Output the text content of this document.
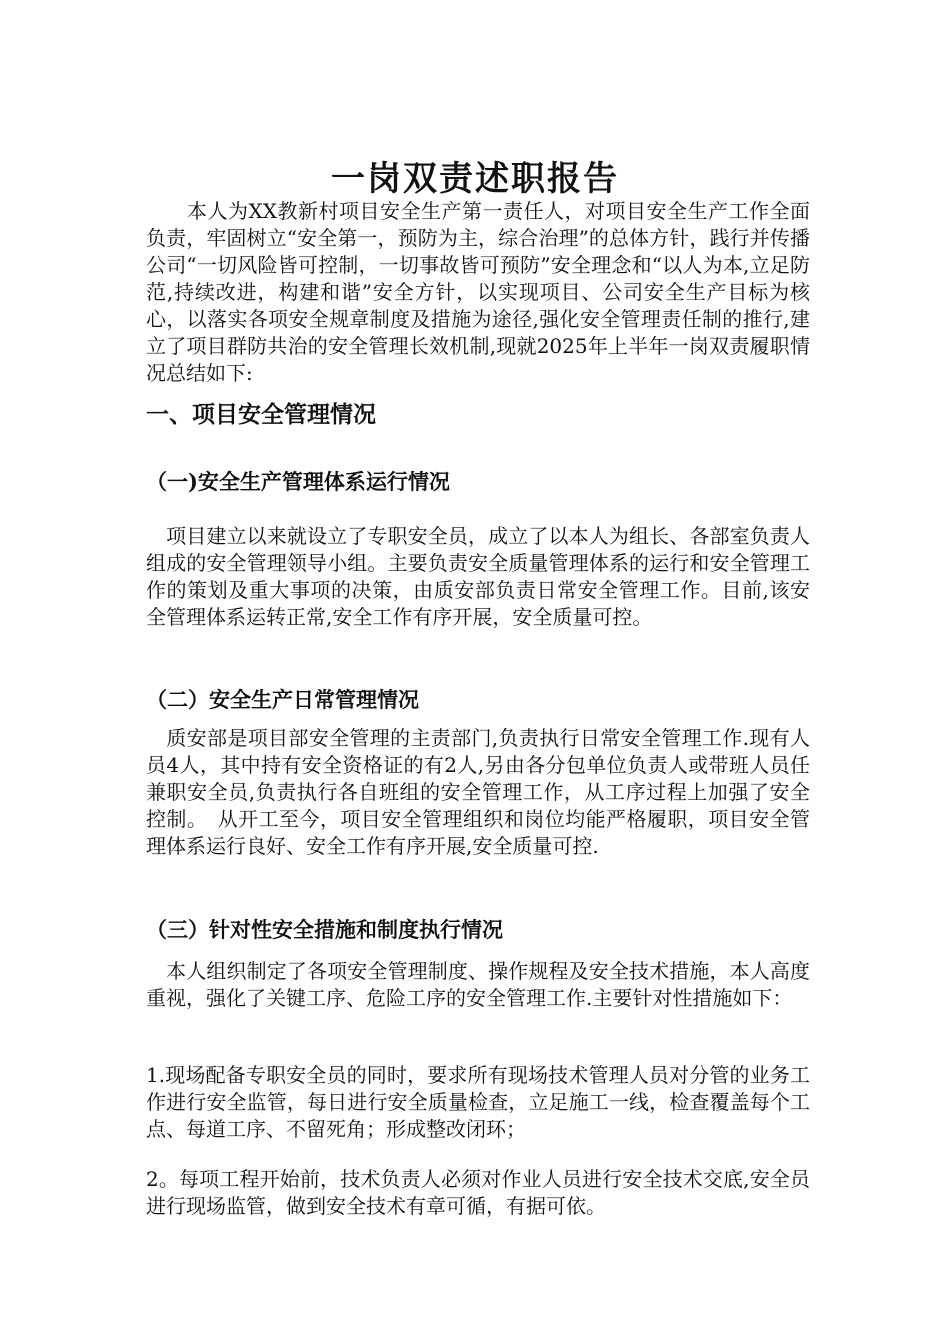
一岗双责述职报告

　　本人为XX教新村项目安全生产第一责任人，对项目安全生产工作全面负责，牢固树立“安全第一，预防为主，综合治理”的总体方针，践行并传播公司“一切风险皆可控制，一切事故皆可预防”安全理念和“以人为本,立足防范,持续改进，构建和谐”安全方针，以实现项目、公司安全生产目标为核心，以落实各项安全规章制度及措施为途径,强化安全管理责任制的推行,建立了项目群防共治的安全管理长效机制,现就2025年上半年一岗双责履职情况总结如下:

一、项目安全管理情况
（一)安全生产管理体系运行情况

　项目建立以来就设立了专职安全员，成立了以本人为组长、各部室负责人组成的安全管理领导小组。主要负责安全质量管理体系的运行和安全管理工作的策划及重大事项的决策，由质安部负责日常安全管理工作。目前,该安全管理体系运转正常,安全工作有序开展，安全质量可控。

（二）安全生产日常管理情况

　质安部是项目部安全管理的主责部门,负责执行日常安全管理工作.现有人员4人，其中持有安全资格证的有2人,另由各分包单位负责人或带班人员任兼职安全员,负责执行各自班组的安全管理工作，从工序过程上加强了安全控制。　从开工至今，项目安全管理组织和岗位均能严格履职，项目安全管理体系运行良好、安全工作有序开展,安全质量可控.

（三）针对性安全措施和制度执行情况

　本人组织制定了各项安全管理制度、操作规程及安全技术措施，本人高度重视，强化了关键工序、危险工序的安全管理工作.主要针对性措施如下：

1.现场配备专职安全员的同时，要求所有现场技术管理人员对分管的业务工作进行安全监管，每日进行安全质量检查，立足施工一线，检查覆盖每个工点、每道工序、不留死角；形成整改闭环；

2。每项工程开始前，技术负责人必须对作业人员进行安全技术交底,安全员进行现场监管，做到安全技术有章可循，有据可依。
